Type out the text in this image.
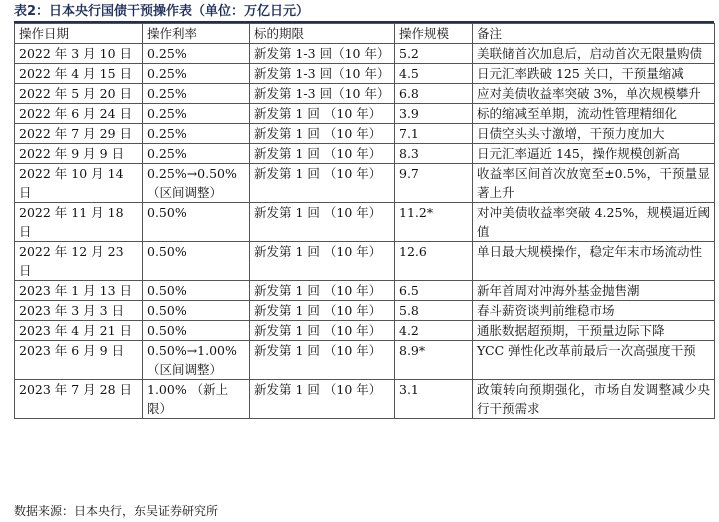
表2：日本央行国债干预操作表（单位：万亿日元）
操作日期	操作利率	标的期限	操作规模	备注
2022 年 3 月 10 日	0.25%	新发第 1-3 回（10 年）	5.2	美联储首次加息后，启动首次无限量购债
2022 年 4 月 15 日	0.25%	新发第 1-3 回（10 年）	4.5	日元汇率跌破 125 关口，干预量缩减
2022 年 5 月 20 日	0.25%	新发第 1-3 回（10 年）	6.8	应对美债收益率突破 3%，单次规模攀升
2022 年 6 月 24 日	0.25%	新发第 1 回 （10 年）	3.9	标的缩减至单期，流动性管理精细化
2022 年 7 月 29 日	0.25%	新发第 1 回 （10 年）	7.1	日债空头头寸激增，干预力度加大
2022 年 9 月 9 日	0.25%	新发第 1 回 （10 年）	8.3	日元汇率逼近 145，操作规模创新高
2022 年 10 月 14 日	0.25%→0.50%（区间调整）	新发第 1 回 （10 年）	9.7	收益率区间首次放宽至±0.5%，干预量显著上升
2022 年 11 月 18 日	0.50%	新发第 1 回 （10 年）	11.2*	对冲美债收益率突破 4.25%，规模逼近阈值
2022 年 12 月 23 日	0.50%	新发第 1 回 （10 年）	12.6	单日最大规模操作，稳定年末市场流动性
2023 年 1 月 13 日	0.50%	新发第 1 回 （10 年）	6.5	新年首周对冲海外基金抛售潮
2023 年 3 月 3 日	0.50%	新发第 1 回 （10 年）	5.8	春斗薪资谈判前维稳市场
2023 年 4 月 21 日	0.50%	新发第 1 回 （10 年）	4.2	通胀数据超预期，干预量边际下降
2023 年 6 月 9 日	0.50%→1.00%（区间调整）	新发第 1 回 （10 年）	8.9*	YCC 弹性化改革前最后一次高强度干预
2023 年 7 月 28 日	1.00% （新上限）	新发第 1 回 （10 年）	3.1	政策转向预期强化，市场自发调整减少央行干预需求
数据来源：日本央行，东吴证券研究所
